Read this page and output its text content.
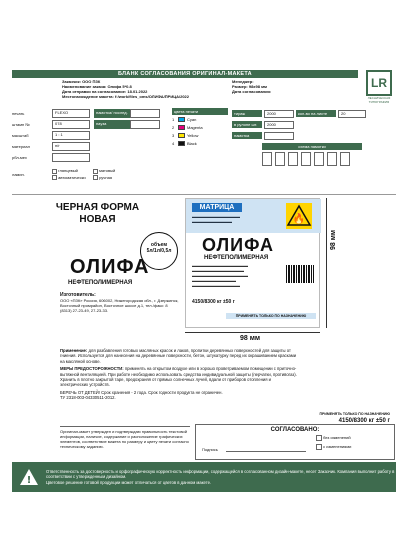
БЛАНК СОГЛАСОВАНИЯ ОРИГИНАЛ-МАКЕТА
Заказчик: ООО ПЗК
Наименование заказа: Олифа 5*0.8
Дата отправки на согласование: 18.01.2022
Местонахождение макета: f:/work/files_oms/ОЛИФА/ПРИЦА/2022
Менеджер:
Размер: 98x98 мм
Дата согласования:
LR
ЛЕСНИЧЕСКАЯ ТИПОГРАФИЯ
печать	FLEXO	намотка/ послед.
штамп №	078	пауза
масштаб	1 : 1
материал	п/г
рбл-мех
ламин.
глянцевый	матовый
автоматически	ручная
цвета печати
1	Cyan
2	Magenta
3	Yellow
4	Black
тираж	2000	кол-во на листе	20
в рулоне шт.	2000
намотка
схема намотки
ЧЕРНАЯ ФОРМА НОВАЯ
объем
5л/1л/0,5л
ОЛИФА
НЕФТЕПОЛИМЕРНАЯ
Изготовитель:
ООО «ПЗК» Россия, 606002, Нижегородская обл., г. Дзержинск, Восточный промрайон, Восточное шоссе д.1, тел./факс: 8 (8313) 27-23-49, 27-23-33.
МАТРИЦА
▬▬▬▬▬▬▬▬▬▬▬▬
▬▬▬▬▬▬▬▬▬▬	🔥
ОЛИФА
НЕФТЕПОЛИМЕРНАЯ
▬▬▬▬▬▬▬▬▬▬▬▬▬▬
▬▬▬▬▬▬▬▬▬▬▬▬▬
▬▬▬▬▬▬▬▬▬▬▬▬▬▬
▬▬▬▬▬▬▬▬▬▬▬
▬▬▬▬▬▬▬▬▬▬▬▬
4150/8300 кг ±50 г
ПРИМЕНЯТЬ ТОЛЬКО ПО НАЗНАЧЕНИЮ
98 мм
98 мм
Применение: для разбавления готовых масляных красок и лаков, пропитки деревянных поверхностей для защиты от гниения. Используется для нанесения на деревянные поверхности, бетон, штукатурку перед их окрашиванием красками на масляной основе.
МЕРЫ ПРЕДОСТОРОЖНОСТИ: применять на открытом воздухе или в хорошо проветриваемом помещении с приточно-вытяжной вентиляцией. При работе необходимо использовать средства индивидуальной защиты (перчатки, противогаз). Хранить в плотно закрытой таре, предохраняя от прямых солнечных лучей, вдали от приборов отопления и электрических устройств.
БЕРЕЧЬ ОТ ДЕТЕЙ! Срок хранения - 2 года. Срок годности продукта не ограничен.
ТУ 2318-003-04330511-2012.
ПРИМЕНЯТЬ ТОЛЬКО ПО НАЗНАЧЕНИЮ
4150/8300 кг ±50 г
Оригинал-макет утвержден и подтверждаю правильность текстовой информации, наличие, содержание и расположение графических элементов, соответствие макета по размеру и цвету печати согласно техническому заданию.
СОГЛАСОВАНО:
Подпись
без изменений
с изменениями
!
Ответственность за достоверность и орфографическую корректность информации, содержащейся в согласованном дизайн-макете, несет Заказчик. Компания выполнит работу в соответствии с утвержденным дизайном.
Цветовое решение готовой продукции может отличаться от цветов в данном макете.
